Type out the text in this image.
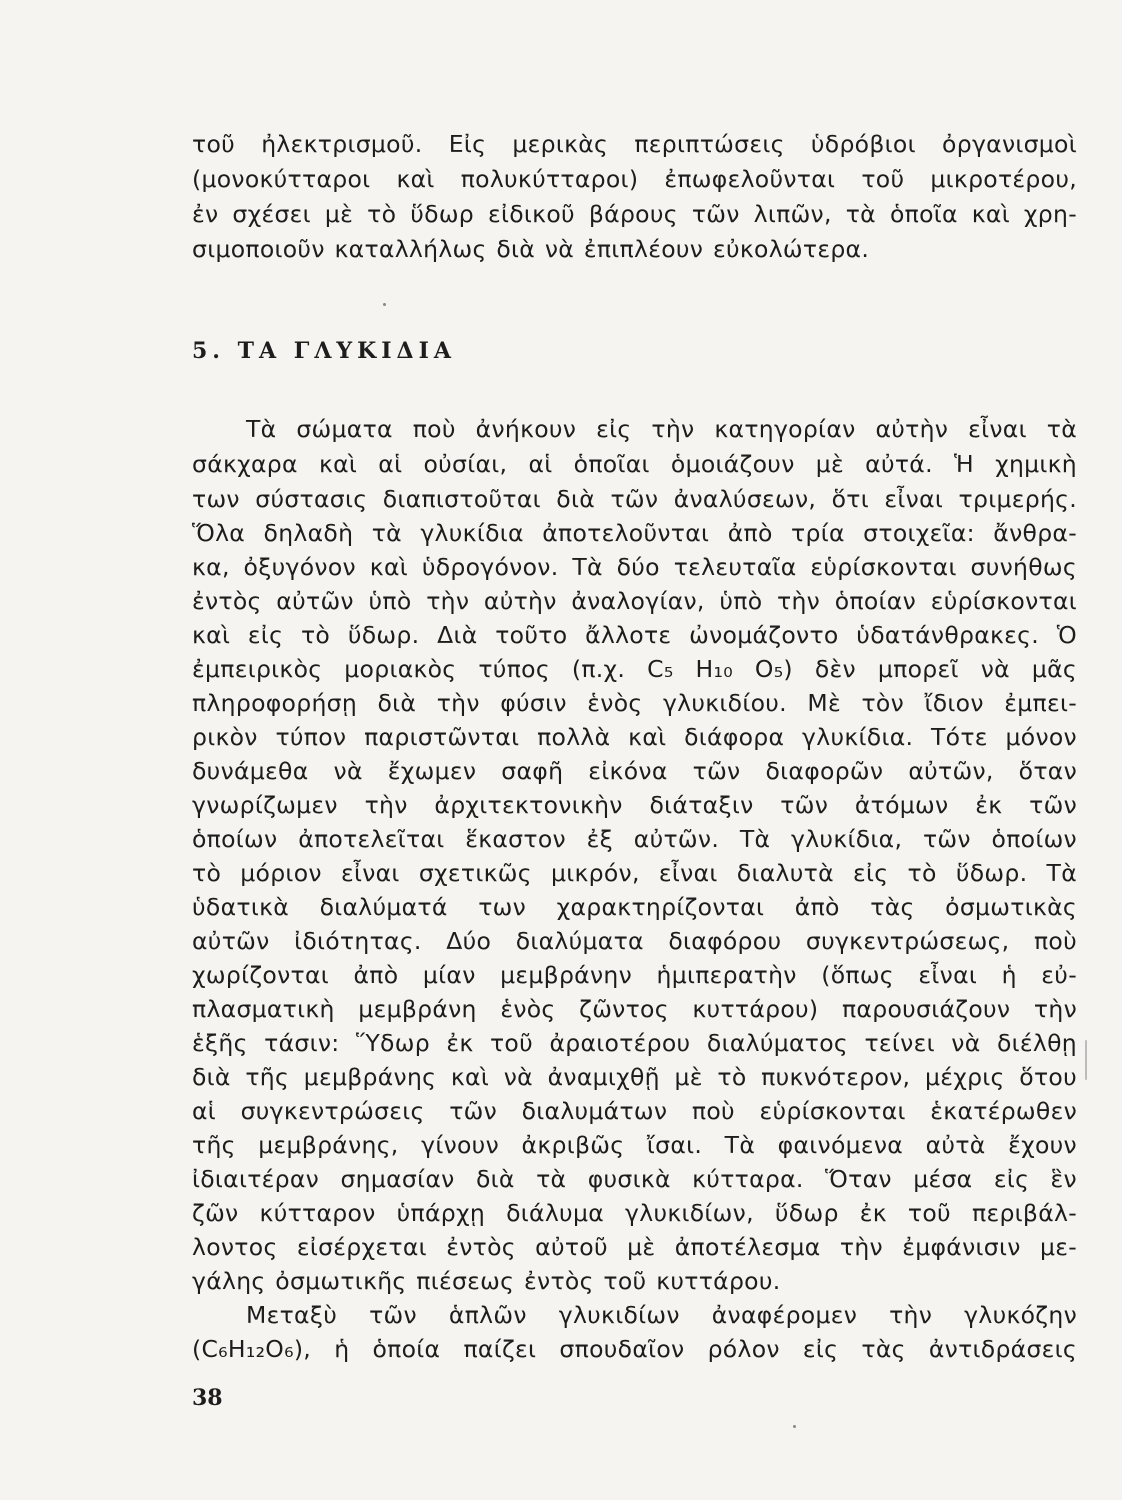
τοῦ ἠλεκτρισμοῦ. Εἰς μερικὰς περιπτώσεις ὑδρόβιοι ὀργανισμοὶ
(μονοκύτταροι καὶ πολυκύτταροι) ἐπωφελοῦνται τοῦ μικροτέρου,
ἐν σχέσει μὲ τὸ ὕδωρ εἰδικοῦ βάρους τῶν λιπῶν, τὰ ὁποῖα καὶ χρη-
σιμοποιοῦν καταλλήλως διὰ νὰ ἐπιπλέουν εὐκολώτερα.
5. ΤΑ ΓΛΥΚΙΔΙΑ
Τὰ σώματα ποὺ ἀνήκουν εἰς τὴν κατηγορίαν αὐτὴν εἶναι τὰ
σάκχαρα καὶ αἱ οὐσίαι, αἱ ὁποῖαι ὁμοιάζουν μὲ αὐτά. Ἡ χημικὴ
των σύστασις διαπιστοῦται διὰ τῶν ἀναλύσεων, ὅτι εἶναι τριμερής.
Ὅλα δηλαδὴ τὰ γλυκίδια ἀποτελοῦνται ἀπὸ τρία στοιχεῖα: ἄνθρα-
κα, ὀξυγόνον καὶ ὑδρογόνον. Τὰ δύο τελευταῖα εὑρίσκονται συνήθως
ἐντὸς αὐτῶν ὑπὸ τὴν αὐτὴν ἀναλογίαν, ὑπὸ τὴν ὁποίαν εὑρίσκονται
καὶ εἰς τὸ ὕδωρ. Διὰ τοῦτο ἄλλοτε ὠνομάζοντο ὑδατάνθρακες. Ὁ
ἐμπειρικὸς μοριακὸς τύπος (π.χ. C₅ H₁₀ O₅) δὲν μπορεῖ νὰ μᾶς
πληροφορήσῃ διὰ τὴν φύσιν ἑνὸς γλυκιδίου. Μὲ τὸν ἴδιον ἐμπει-
ρικὸν τύπον παριστῶνται πολλὰ καὶ διάφορα γλυκίδια. Τότε μόνον
δυνάμεθα νὰ ἔχωμεν σαφῆ εἰκόνα τῶν διαφορῶν αὐτῶν, ὅταν
γνωρίζωμεν τὴν ἀρχιτεκτονικὴν διάταξιν τῶν ἀτόμων ἐκ τῶν
ὁποίων ἀποτελεῖται ἕκαστον ἐξ αὐτῶν. Τὰ γλυκίδια, τῶν ὁποίων
τὸ μόριον εἶναι σχετικῶς μικρόν, εἶναι διαλυτὰ εἰς τὸ ὕδωρ. Τὰ
ὑδατικὰ διαλύματά των χαρακτηρίζονται ἀπὸ τὰς ὀσμωτικὰς
αὐτῶν ἰδιότητας. Δύο διαλύματα διαφόρου συγκεντρώσεως, ποὺ
χωρίζονται ἀπὸ μίαν μεμβράνην ἡμιπερατὴν (ὅπως εἶναι ἡ εὐ-
πλασματικὴ μεμβράνη ἑνὸς ζῶντος κυττάρου) παρουσιάζουν τὴν
ἑξῆς τάσιν: Ὕδωρ ἐκ τοῦ ἀραιοτέρου διαλύματος τείνει νὰ διέλθῃ
διὰ τῆς μεμβράνης καὶ νὰ ἀναμιχθῇ μὲ τὸ πυκνότερον, μέχρις ὅτου
αἱ συγκεντρώσεις τῶν διαλυμάτων ποὺ εὑρίσκονται ἑκατέρωθεν
τῆς μεμβράνης, γίνουν ἀκριβῶς ἴσαι. Τὰ φαινόμενα αὐτὰ ἔχουν
ἰδιαιτέραν σημασίαν διὰ τὰ φυσικὰ κύτταρα. Ὅταν μέσα εἰς ἓν
ζῶν κύτταρον ὑπάρχῃ διάλυμα γλυκιδίων, ὕδωρ ἐκ τοῦ περιβάλ-
λοντος εἰσέρχεται ἐντὸς αὐτοῦ μὲ ἀποτέλεσμα τὴν ἐμφάνισιν με-
γάλης ὀσμωτικῆς πιέσεως ἐντὸς τοῦ κυττάρου.
Μεταξὺ τῶν ἁπλῶν γλυκιδίων ἀναφέρομεν τὴν γλυκόζην
(C₆H₁₂O₆), ἡ ὁποία παίζει σπουδαῖον ρόλον εἰς τὰς ἀντιδράσεις
38
